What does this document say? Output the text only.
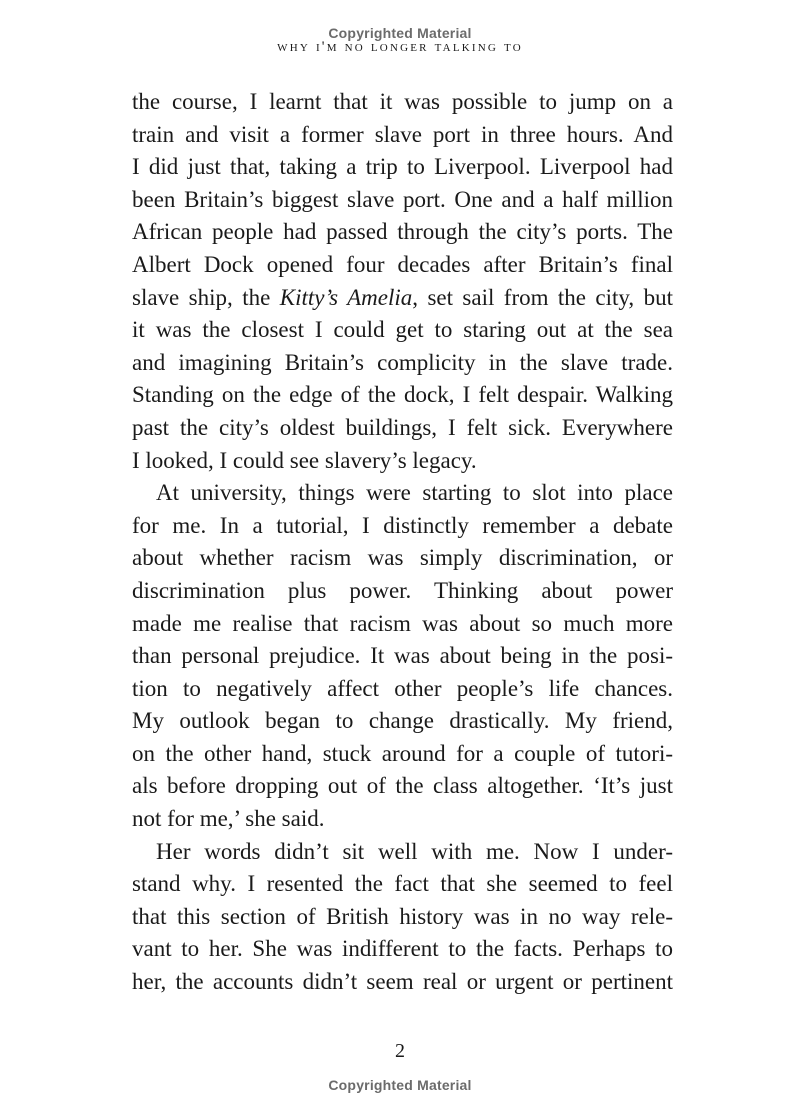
Copyrighted Material
why i'm no longer talking to
the course, I learnt that it was possible to jump on a
train and visit a former slave port in three hours. And
I did just that, taking a trip to Liverpool. Liverpool had
been Britain’s biggest slave port. One and a half million
African people had passed through the city’s ports. The
Albert Dock opened four decades after Britain’s final
slave ship, the Kitty’s Amelia, set sail from the city, but
it was the closest I could get to staring out at the sea
and imagining Britain’s complicity in the slave trade.
Standing on the edge of the dock, I felt despair. Walking
past the city’s oldest buildings, I felt sick. Everywhere
I looked, I could see slavery’s legacy.
At university, things were starting to slot into place
for me. In a tutorial, I distinctly remember a debate
about whether racism was simply discrimination, or
discrimination plus power. Thinking about power
made me realise that racism was about so much more
than personal prejudice. It was about being in the posi-
tion to negatively affect other people’s life chances.
My outlook began to change drastically. My friend,
on the other hand, stuck around for a couple of tutori-
als before dropping out of the class altogether. ‘It’s just
not for me,’ she said.
Her words didn’t sit well with me. Now I under-
stand why. I resented the fact that she seemed to feel
that this section of British history was in no way rele-
vant to her. She was indifferent to the facts. Perhaps to
her, the accounts didn’t seem real or urgent or pertinent
2
Copyrighted Material
